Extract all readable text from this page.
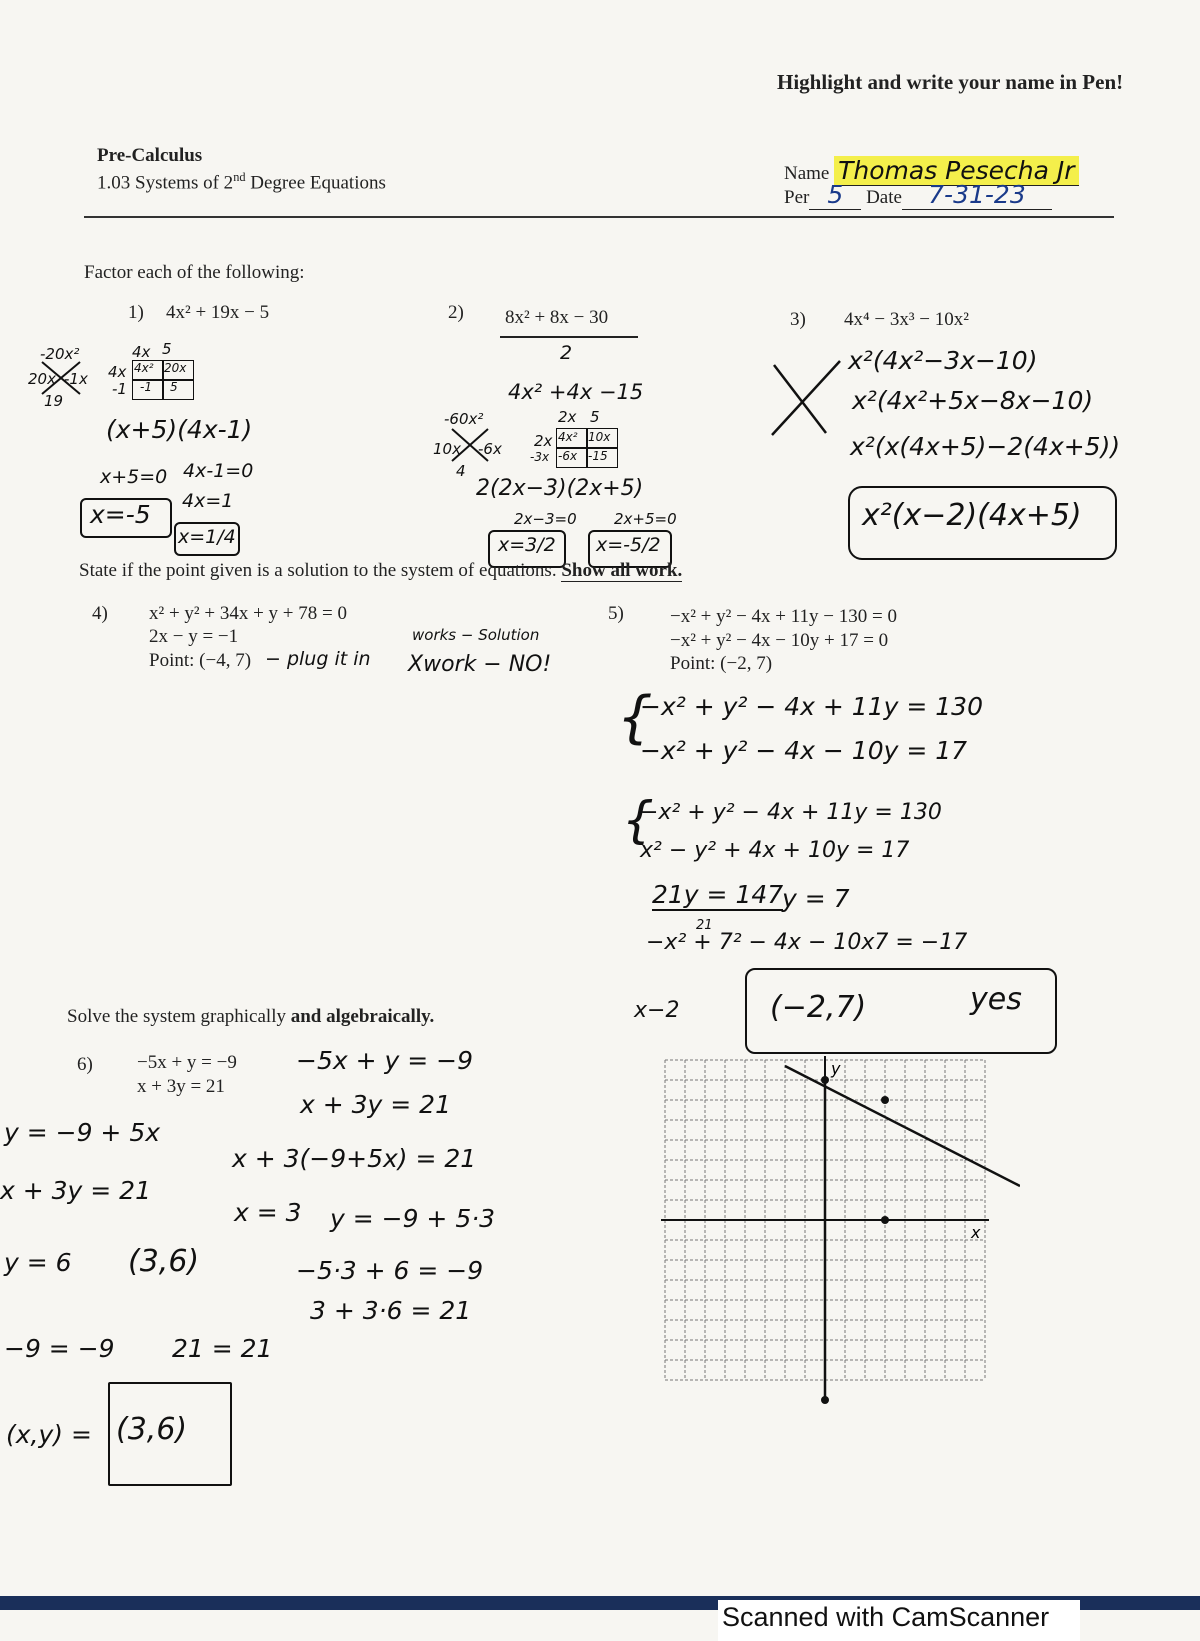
Highlight and write your name in Pen!
Pre-Calculus
1.03 Systems of 2nd Degree Equations	Name Thomas Pesecha Jr
Per 5 Date 7-31-23
Factor each of the following:
1) 4x² + 19x − 5
-20x²
20x -1x
19
4x 5
4x 4x² 20x
-1 -1 5
(x+5)(4x-1)
x+5=0 4x-1=0
4x=1
x=-5
x=1/4
2) 8x² + 8x − 30
2
4x² +4x −15
-60x²
10x -6x
4
2x 5
2x 4x² 10x
-3x -6x -15
2(2x−3)(2x+5)
2x−3=0 2x+5=0
x=3/2 x=-5/2
3) 4x⁴ − 3x³ − 10x²
x²(4x²−3x−10)
x²(4x²+5x−8x−10)
x²(x(4x+5)−2(4x+5))
x²(x−2)(4x+5)
State if the point given is a solution to the system of equations. Show all work.
4) x² + y² + 34x + y + 78 = 0
2x − y = −1
Point: (−4, 7) − plug it in
works − Solution
Xwork − NO!
5) −x² + y² − 4x + 11y − 130 = 0
−x² + y² − 4x − 10y + 17 = 0
Point: (−2, 7)
{
−x² + y² − 4x + 11y = 130
−x² + y² − 4x − 10y = 17
{
−x² + y² − 4x + 11y = 130
x² − y² + 4x + 10y = 17
21y = 147
21
y = 7
−x² + 7² − 4x − 10x7 = −17
x−2	(−2,7)	yes
Solve the system graphically and algebraically.
6) −5x + y = −9
x + 3y = 21
−5x + y = −9
x + 3y = 21
y = −9 + 5x
x + 3y = 21
x + 3(−9+5x) = 21
x = 3 y = −9 + 5·3
y = 6 (3,6)	−5·3 + 6 = −9
3 + 3·6 = 21
−9 = −9 21 = 21
(x,y) = (3,6)
x
y
Scanned with CamScanner
